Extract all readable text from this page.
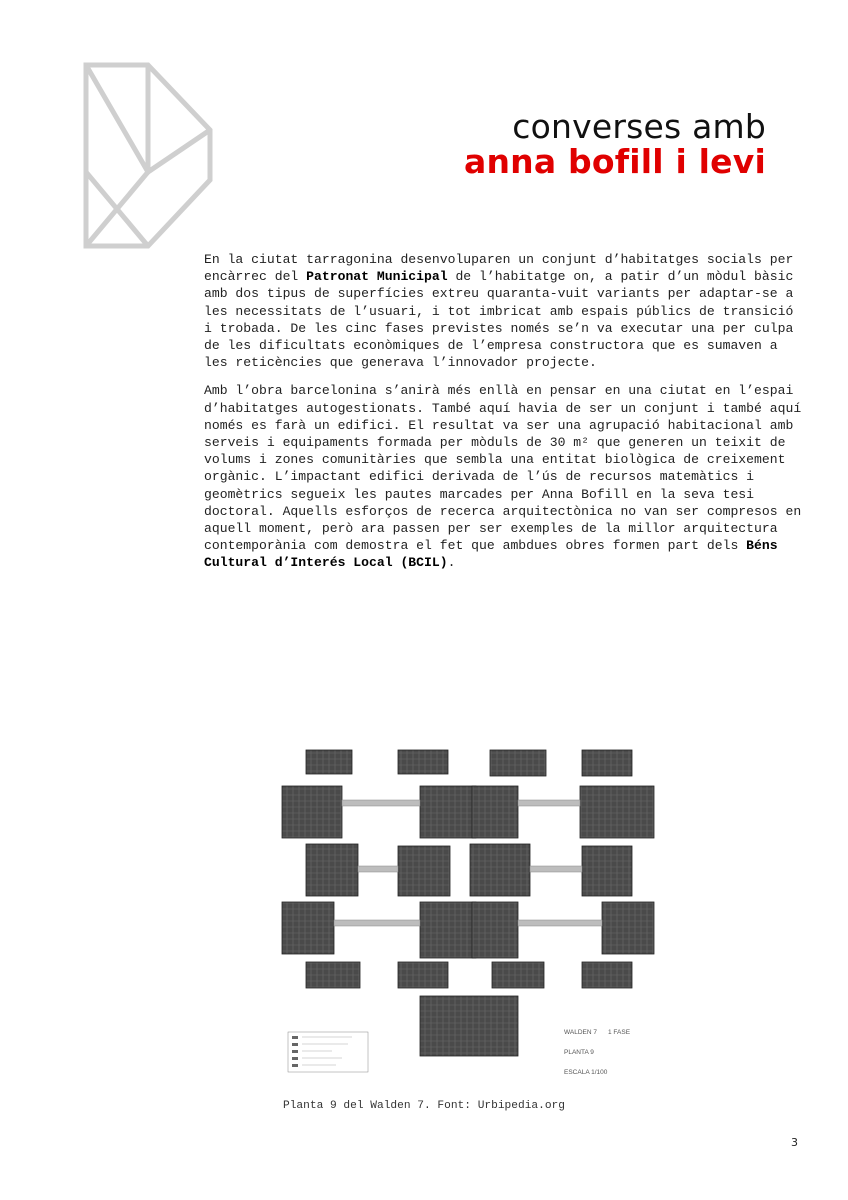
converses amb
anna bofill i levi

En la ciutat tarragonina desenvoluparen un conjunt d’habitatges socials per encàrrec del Patronat Municipal de l’habitatge on, a patir d’un mòdul bàsic amb dos tipus de superfícies extreu quaranta-vuit variants per adaptar-se a les necessitats de l’usuari, i tot imbricat amb espais públics de transició i trobada. De les cinc fases previstes només se’n va executar una per culpa de les dificultats econòmiques de l’empresa constructora que es sumaven a les reticències que generava l’innovador projecte.

Amb l’obra barcelonina s’anirà més enllà en pensar en una ciutat en l’espai d’habitatges autogestionats. També aquí havia de ser un conjunt i també aquí només es farà un edifici. El resultat va ser una agrupació habitacional amb serveis i equipaments formada per mòduls de 30 m² que generen un teixit de volums i zones comunitàries que sembla una entitat biològica de creixement orgànic. L’impactant edifici derivada de l’ús de recursos matemàtics i geomètrics segueix les pautes marcades per Anna Bofill en la seva tesi doctoral. Aquells esforços de recerca arquitectònica no van ser compresos en aquell moment, però ara passen per ser exemples de la millor arquitectura contemporània com demostra el fet que ambdues obres formen part dels Béns Cultural d’Interés Local (BCIL).

WALDEN 7 1 FASE
PLANTA 9
ESCALA 1/100
Planta 9 del Walden 7. Font: Urbipedia.org
3
